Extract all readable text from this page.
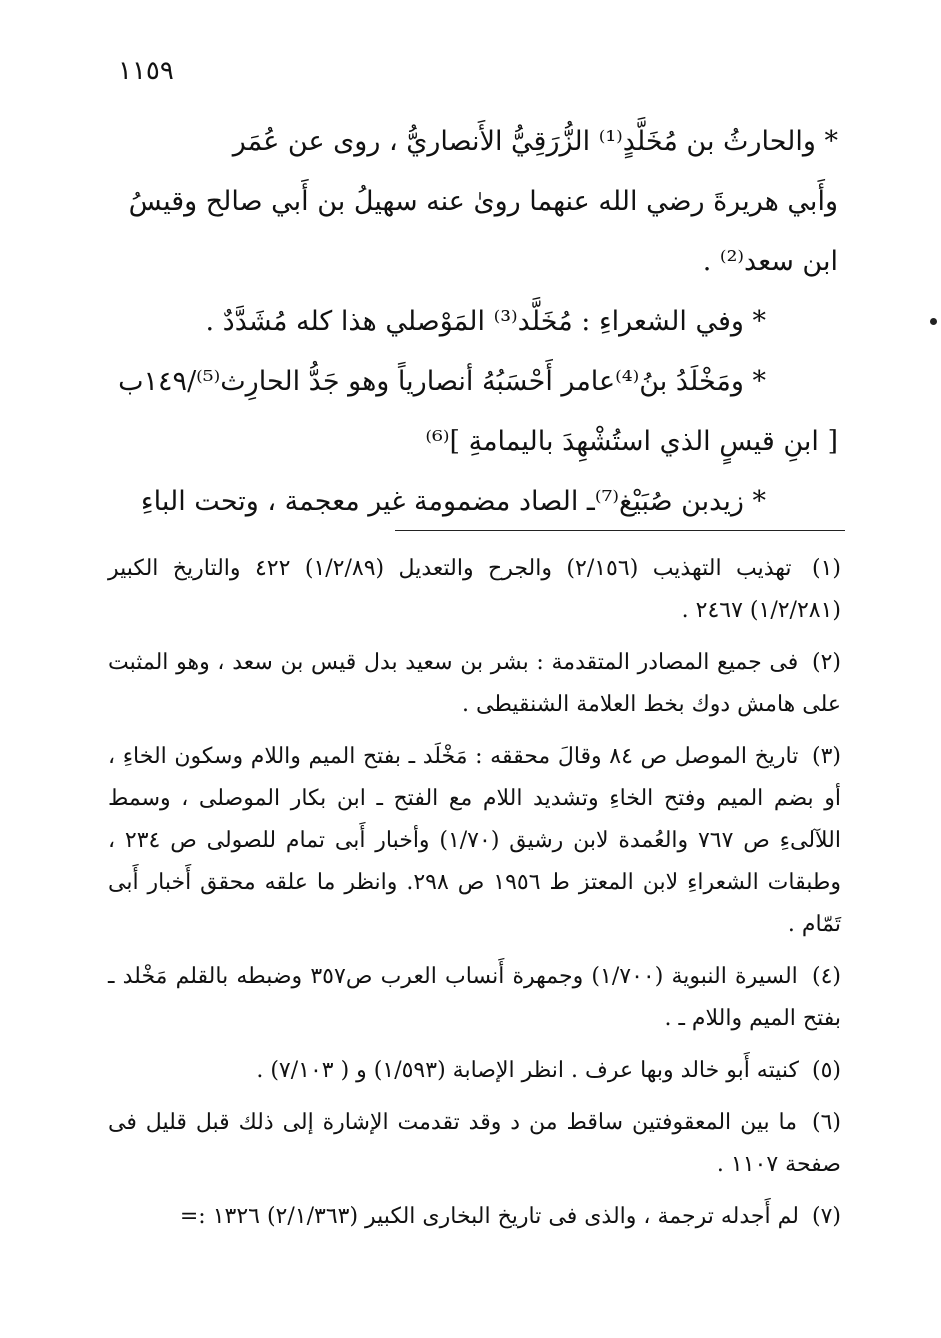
١١٥٩

* والحارثُ بن مُخَلَّدٍ⁽¹⁾ الزُّرَقِيُّ الأَنصاريُّ ، روى عن عُمَر

وأَبي هريرةَ رضي الله عنهما روىٰ عنه سهيلُ بن أَبي صالح وقيسُ

ابن سعد⁽²⁾ .

* وفي الشعراءِ : مُخَلَّد⁽³⁾ المَوْصلي هذا كله مُشَدَّدٌ .

* ومَخْلَدُ بنُ⁽⁴⁾عامر أَحْسَبُهُ أنصارياً وهو جَدُّ الحارِث⁽⁵⁾/١٤٩ب

[ ابنِ قيسٍ الذي استُشْهِدَ باليمامةِ ]⁽⁶⁾

* زيدبن صُبَيْغ⁽⁷⁾ـ الصاد مضمومة غير معجمة ، وتحت الباءِ

(١) تهذيب التهذيب (٢/١٥٦) والجرح والتعديل (١/٢/٨٩) ٤٢٢ والتاريخ الكبير (١/٢/٢٨١) ٢٤٦٧ .

(٢) فى جميع المصادر المتقدمة : بشر بن سعيد بدل قيس بن سعد ، وهو المثبت على هامش دوك بخط العلامة الشنقيطى .

(٣) تاريخ الموصل ص ٨٤ وقالَ محققه : مَخْلَد ـ بفتح الميم واللام وسكون الخاءِ ، أو بضم الميم وفتح الخاءِ وتشديد اللام مع الفتح ـ ابن بكار الموصلى ، وسمط اللآلىءِ ص ٧٦٧ والعُمدة لابن رشيق (١/٧٠) وأخبار أَبى تمام للصولى ص ٢٣٤ ، وطبقات الشعراءِ لابن المعتز ط ١٩٥٦ ص ٢٩٨. وانظر ما علقه محقق أَخبار أَبى تَمّام .

(٤) السيرة النبوية (١/٧٠٠) وجمهرة أَنساب العرب ص٣٥٧ وضبطه بالقلم مَخْلد ـ بفتح الميم واللام ـ .

(٥) كنيته أَبو خالد وبها عرف . انظر الإصابة (١/٥٩٣) و ( ٧/١٠٣) .

(٦) ما بين المعقوفتين ساقط من د وقد تقدمت الإشارة إلى ذلك قبل قليل فى صفحة ١١٠٧ .

(٧) لم أَجدله ترجمة ، والذى فى تاريخ البخارى الكبير (٢/١/٣٦٣) ١٣٢٦ :=
